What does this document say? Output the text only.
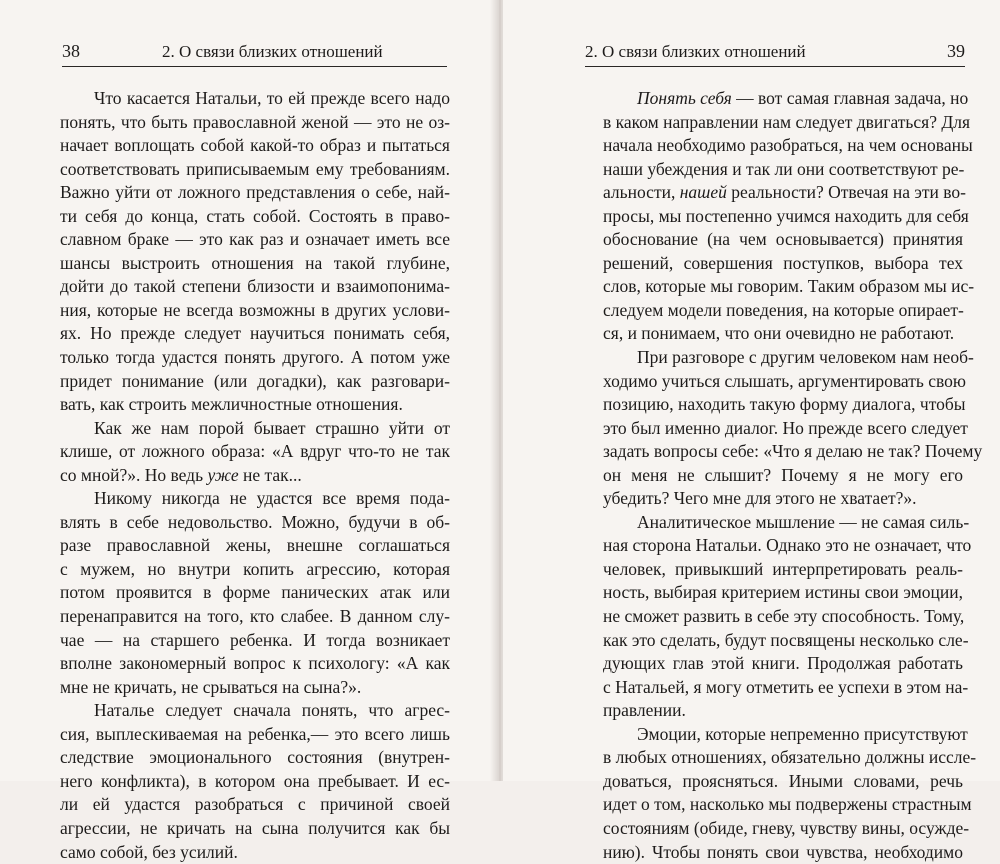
38	2. О связи близких отношений
Что касается Натальи, то ей прежде всего надо
понять, что быть православной женой — это не оз-
начает воплощать собой какой-то образ и пытаться
соответствовать приписываемым ему требованиям.
Важно уйти от ложного представления о себе, най-
ти себя до конца, стать собой. Состоять в право-
славном браке — это как раз и означает иметь все
шансы выстроить отношения на такой глубине,
дойти до такой степени близости и взаимопонима-
ния, которые не всегда возможны в других услови-
ях. Но прежде следует научиться понимать себя,
только тогда удастся понять другого. А потом уже
придет понимание (или догадки), как разговари-
вать, как строить межличностные отношения.
Как же нам порой бывает страшно уйти от
клише, от ложного образа: «А вдруг что-то не так
со мной?». Но ведь уже не так...
Никому никогда не удастся все время пода-
влять в себе недовольство. Можно, будучи в об-
разе православной жены, внешне соглашаться
с мужем, но внутри копить агрессию, которая
потом проявится в форме панических атак или
перенаправится на того, кто слабее. В данном слу-
чае — на старшего ребенка. И тогда возникает
вполне закономерный вопрос к психологу: «А как
мне не кричать, не срываться на сына?».
Наталье следует сначала понять, что агрес-
сия, выплескиваемая на ребенка,— это всего лишь
следствие эмоционального состояния (внутрен-
него конфликта), в котором она пребывает. И ес-
ли ей удастся разобраться с причиной своей
агрессии, не кричать на сына получится как бы
само собой, без усилий.
2. О связи близких отношений	39
Понять себя — вот самая главная задача, но
в каком направлении нам следует двигаться? Для
начала необходимо разобраться, на чем основаны
наши убеждения и так ли они соответствуют ре-
альности, нашей реальности? Отвечая на эти во-
просы, мы постепенно учимся находить для себя
обоснование (на чем основывается) принятия
решений, совершения поступков, выбора тех
слов, которые мы говорим. Таким образом мы ис-
следуем модели поведения, на которые опирает-
ся, и понимаем, что они очевидно не работают.
При разговоре с другим человеком нам необ-
ходимо учиться слышать, аргументировать свою
позицию, находить такую форму диалога, чтобы
это был именно диалог. Но прежде всего следует
задать вопросы себе: «Что я делаю не так? Почему
он меня не слышит? Почему я не могу его
убедить? Чего мне для этого не хватает?».
Аналитическое мышление — не самая силь-
ная сторона Натальи. Однако это не означает, что
человек, привыкший интерпретировать реаль-
ность, выбирая критерием истины свои эмоции,
не сможет развить в себе эту способность. Тому,
как это сделать, будут посвящены несколько сле-
дующих глав этой книги. Продолжая работать
с Натальей, я могу отметить ее успехи в этом на-
правлении.
Эмоции, которые непременно присутствуют
в любых отношениях, обязательно должны иссле-
доваться, проясняться. Иными словами, речь
идет о том, насколько мы подвержены страстным
состояниям (обиде, гневу, чувству вины, осужде-
нию). Чтобы понять свои чувства, необходимо
